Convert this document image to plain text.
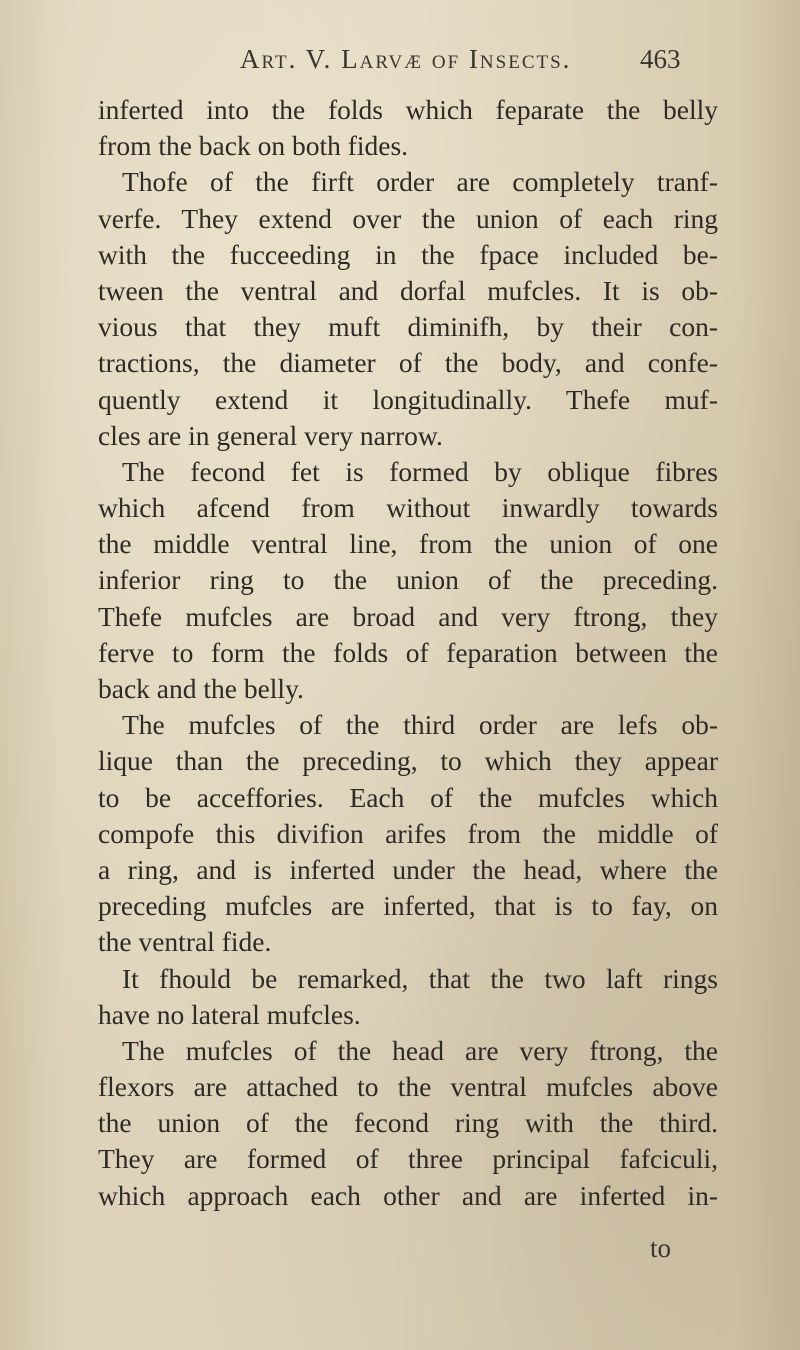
Art. V. Larvæ of Insects.	463
inferted into the folds which feparate the belly
from the back on both fides.
Thofe of the firft order are completely tranf-
verfe. They extend over the union of each ring
with the fucceeding in the fpace included be-
tween the ventral and dorfal mufcles. It is ob-
vious that they muft diminifh, by their con-
tractions, the diameter of the body, and confe-
quently extend it longitudinally. Thefe muf-
cles are in general very narrow.
The fecond fet is formed by oblique fibres
which afcend from without inwardly towards
the middle ventral line, from the union of one
inferior ring to the union of the preceding.
Thefe mufcles are broad and very ftrong, they
ferve to form the folds of feparation between the
back and the belly.
The mufcles of the third order are lefs ob-
lique than the preceding, to which they appear
to be acceffories. Each of the mufcles which
compofe this divifion arifes from the middle of
a ring, and is inferted under the head, where the
preceding mufcles are inferted, that is to fay, on
the ventral fide.
It fhould be remarked, that the two laft rings
have no lateral mufcles.
The mufcles of the head are very ftrong, the
flexors are attached to the ventral mufcles above
the union of the fecond ring with the third.
They are formed of three principal fafciculi,
which approach each other and are inferted in-
to
